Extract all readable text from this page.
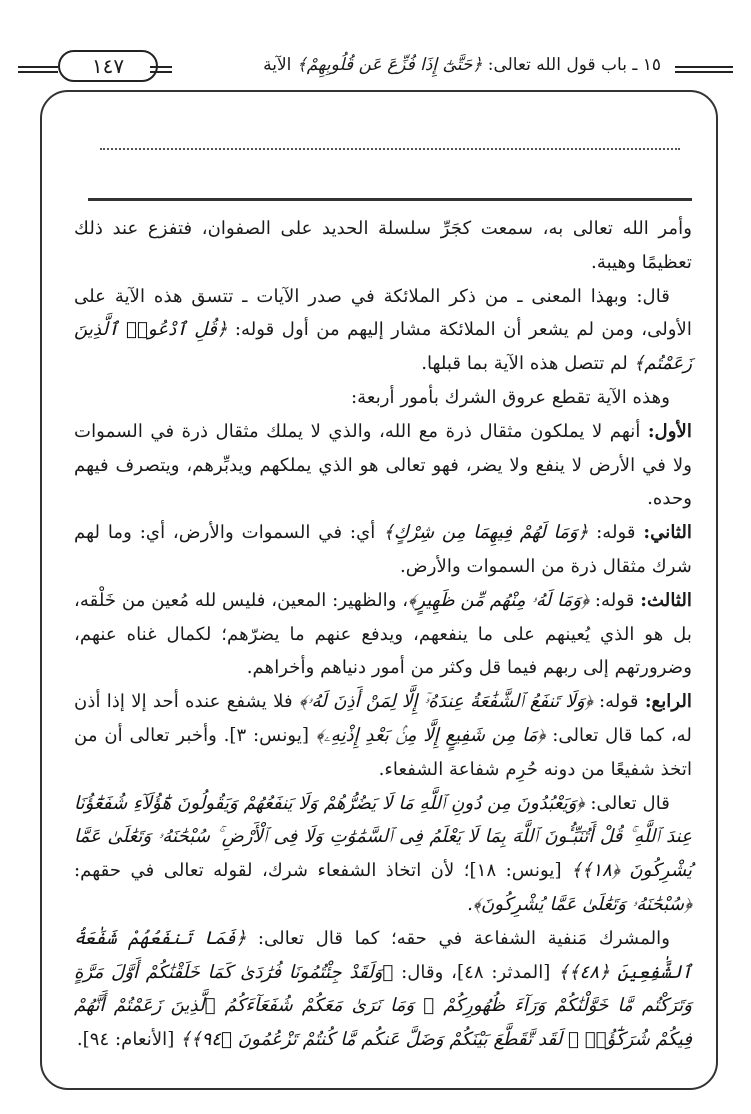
١٤٧	١٥ ـ باب قول الله تعالى: ﴿حَتَّىٰٓ إِذَا فُزِّعَ عَن قُلُوبِهِمْ﴾ الآية

وأمر الله تعالى به، سمعت كجَرِّ سلسلة الحديد على الصفوان، فتفزع عند ذلك تعظيمًا وهيبة.

قال: وبهذا المعنى ـ من ذكر الملائكة في صدر الآيات ـ تتسق هذه الآية على الأولى، ومن لم يشعر أن الملائكة مشار إليهم من أول قوله: ﴿قُلِ ٱدْعُوا۟ ٱلَّذِينَ زَعَمْتُم﴾ لم تتصل هذه الآية بما قبلها.

وهذه الآية تقطع عروق الشرك بأمور أربعة:

الأول: أنهم لا يملكون مثقال ذرة مع الله، والذي لا يملك مثقال ذرة في السموات ولا في الأرض لا ينفع ولا يضر، فهو تعالى هو الذي يملكهم ويدبِّرهم، ويتصرف فيهم وحده.

الثاني: قوله: ﴿وَمَا لَهُمْ فِيهِمَا مِن شِرْكٍ﴾ أي: في السموات والأرض، أي: وما لهم شرك مثقال ذرة من السموات والأرض.

الثالث: قوله: ﴿وَمَا لَهُۥ مِنْهُم مِّن ظَهِيرٍ﴾، والظهير: المعين، فليس لله مُعين من خَلْقه، بل هو الذي يُعينهم على ما ينفعهم، ويدفع عنهم ما يضرّهم؛ لكمال غناه عنهم، وضرورتهم إلى ربهم فيما قل وكثر من أمور دنياهم وأخراهم.

الرابع: قوله: ﴿وَلَا تَنفَعُ ٱلشَّفَٰعَةُ عِندَهُۥٓ إِلَّا لِمَنْ أَذِنَ لَهُۥ﴾ فلا يشفع عنده أحد إلا إذا أذن له، كما قال تعالى: ﴿مَا مِن شَفِيعٍ إِلَّا مِنۢ بَعْدِ إِذْنِهِۦ﴾ [يونس: ٣]. وأخبر تعالى أن من اتخذ شفيعًا من دونه حُرِم شفاعة الشفعاء.

قال تعالى: ﴿وَيَعْبُدُونَ مِن دُونِ ٱللَّهِ مَا لَا يَضُرُّهُمْ وَلَا يَنفَعُهُمْ وَيَقُولُونَ هَٰٓؤُلَآءِ شُفَعَٰٓؤُنَا عِندَ ٱللَّهِ ۚ قُلْ أَتُنَبِّـُٔونَ ٱللَّهَ بِمَا لَا يَعْلَمُ فِى ٱلسَّمَٰوَٰتِ وَلَا فِى ٱلْأَرْضِ ۚ سُبْحَٰنَهُۥ وَتَعَٰلَىٰ عَمَّا يُشْرِكُونَ ﴿١٨﴾﴾ [يونس: ١٨]؛ لأن اتخاذ الشفعاء شرك، لقوله تعالى في حقهم: ﴿سُبْحَٰنَهُۥ وَتَعَٰلَىٰ عَمَّا يُشْرِكُونَ﴾.

والمشرك مَنفية الشفاعة في حقه؛ كما قال تعالى: ﴿فَمَا تَنفَعُهُمْ شَفَٰعَةُ ٱلشَّٰفِعِينَ ﴿٤٨﴾﴾ [المدثر: ٤٨]، وقال: ﴿وَلَقَدْ جِئْتُمُونَا فُرَٰدَىٰ كَمَا خَلَقْنَٰكُمْ أَوَّلَ مَرَّةٍ وَتَرَكْتُم مَّا خَوَّلْنَٰكُمْ وَرَآءَ ظُهُورِكُمْ ۖ وَمَا نَرَىٰ مَعَكُمْ شُفَعَآءَكُمُ ٱلَّذِينَ زَعَمْتُمْ أَنَّهُمْ فِيكُمْ شُرَكَٰٓؤُا۟ ۚ لَقَد تَّقَطَّعَ بَيْنَكُمْ وَضَلَّ عَنكُم مَّا كُنتُمْ تَزْعُمُونَ ﴿٩٤﴾﴾ [الأنعام: ٩٤].
